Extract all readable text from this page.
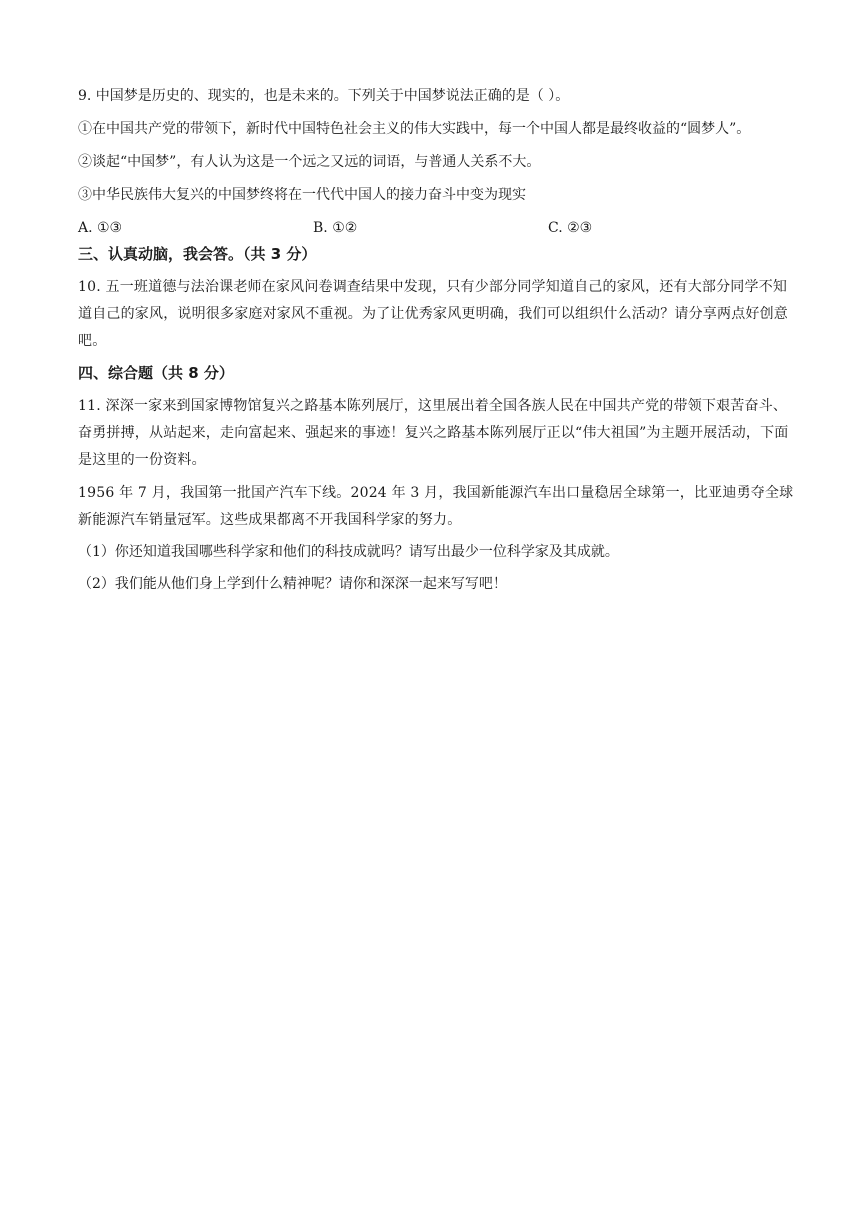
9. 中国梦是历史的、现实的，也是未来的。下列关于中国梦说法正确的是（ ）。
①在中国共产党的带领下，新时代中国特色社会主义的伟大实践中，每一个中国人都是最终收益的“圆梦人”。
②谈起“中国梦”，有人认为这是一个远之又远的词语，与普通人关系不大。
③中华民族伟大复兴的中国梦终将在一代代中国人的接力奋斗中变为现实
A. ①③	B. ①②	C. ②③
三、认真动脑，我会答。（共 3 分）
10. 五一班道德与法治课老师在家风问卷调查结果中发现，只有少部分同学知道自己的家风，还有大部分同学不知道自己的家风，说明很多家庭对家风不重视。为了让优秀家风更明确，我们可以组织什么活动？请分享两点好创意吧。
四、综合题（共 8 分）
11. 深深一家来到国家博物馆复兴之路基本陈列展厅，这里展出着全国各族人民在中国共产党的带领下艰苦奋斗、奋勇拼搏，从站起来，走向富起来、强起来的事迹！复兴之路基本陈列展厅正以“伟大祖国”为主题开展活动，下面是这里的一份资料。
1956 年 7 月，我国第一批国产汽车下线。2024 年 3 月，我国新能源汽车出口量稳居全球第一，比亚迪勇夺全球新能源汽车销量冠军。这些成果都离不开我国科学家的努力。
（1）你还知道我国哪些科学家和他们的科技成就吗？请写出最少一位科学家及其成就。
（2）我们能从他们身上学到什么精神呢？请你和深深一起来写写吧！
